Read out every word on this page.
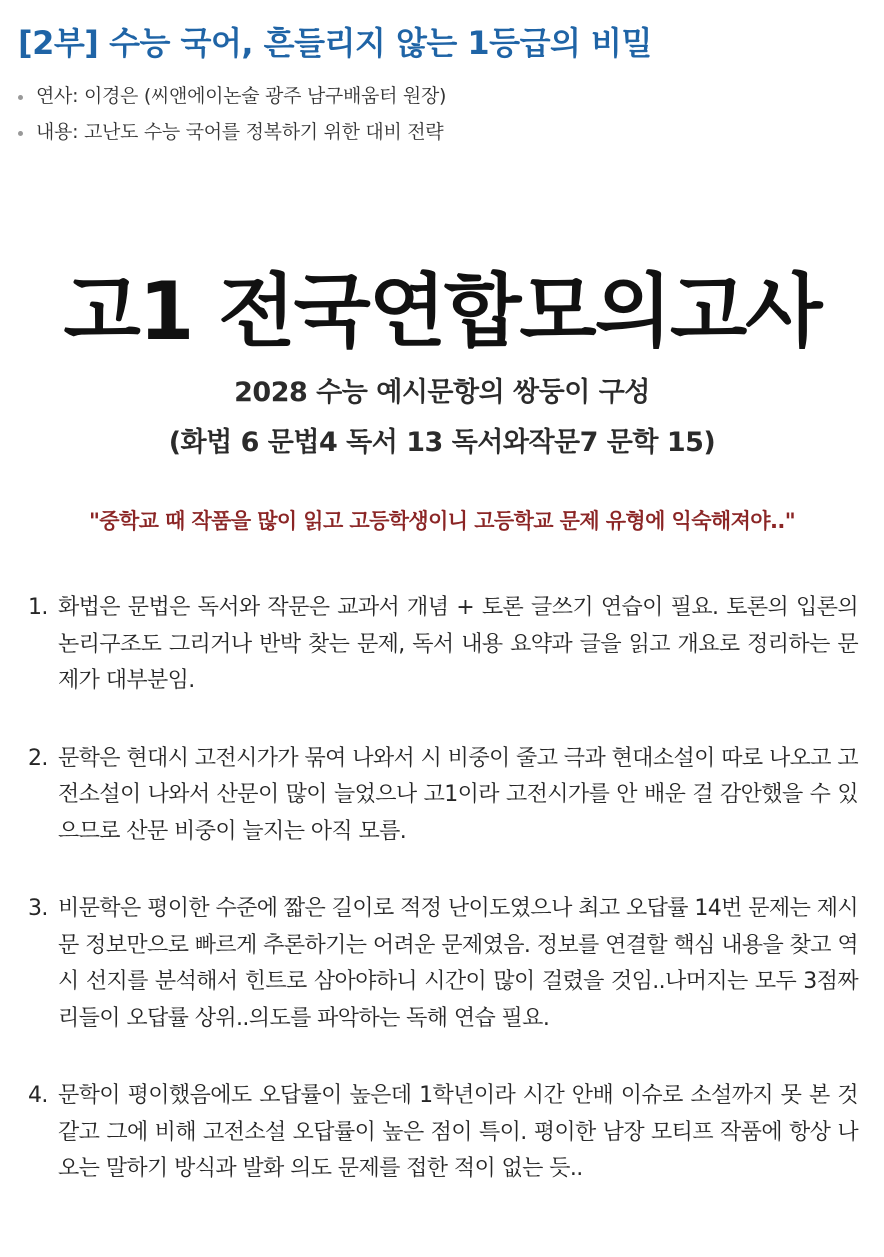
[2부] 수능 국어, 흔들리지 않는 1등급의 비밀
연사: 이경은 (씨앤에이논술 광주 남구배움터 원장)
내용: 고난도 수능 국어를 정복하기 위한 대비 전략
고1 전국연합모의고사
2028 수능 예시문항의 쌍둥이 구성
(화법 6 문법4 독서 13 독서와작문7 문학 15)
"중학교 때 작품을 많이 읽고 고등학생이니 고등학교 문제 유형에 익숙해져야.."
1. 화법은 문법은 독서와 작문은 교과서 개념 + 토론 글쓰기 연습이 필요. 토론의 입론의 논리구조도 그리거나 반박 찾는 문제, 독서 내용 요약과 글을 읽고 개요로 정리하는 문제가 대부분임.
2. 문학은 현대시 고전시가가 묶여 나와서 시 비중이 줄고 극과 현대소설이 따로 나오고 고전소설이 나와서 산문이 많이 늘었으나 고1이라 고전시가를 안 배운 걸 감안했을 수 있으므로 산문 비중이 늘지는 아직 모름.
3. 비문학은 평이한 수준에 짧은 길이로 적정 난이도였으나 최고 오답률 14번 문제는 제시문 정보만으로 빠르게 추론하기는 어려운 문제였음. 정보를 연결할 핵심 내용을 찾고 역시 선지를 분석해서 힌트로 삼아야하니 시간이 많이 걸렸을 것임..나머지는 모두 3점짜리들이 오답률 상위..의도를 파악하는 독해 연습 필요.
4. 문학이 평이했음에도 오답률이 높은데 1학년이라 시간 안배 이슈로 소설까지 못 본 것 같고 그에 비해 고전소설 오답률이 높은 점이 특이. 평이한 남장 모티프 작품에 항상 나오는 말하기 방식과 발화 의도 문제를 접한 적이 없는 듯..
